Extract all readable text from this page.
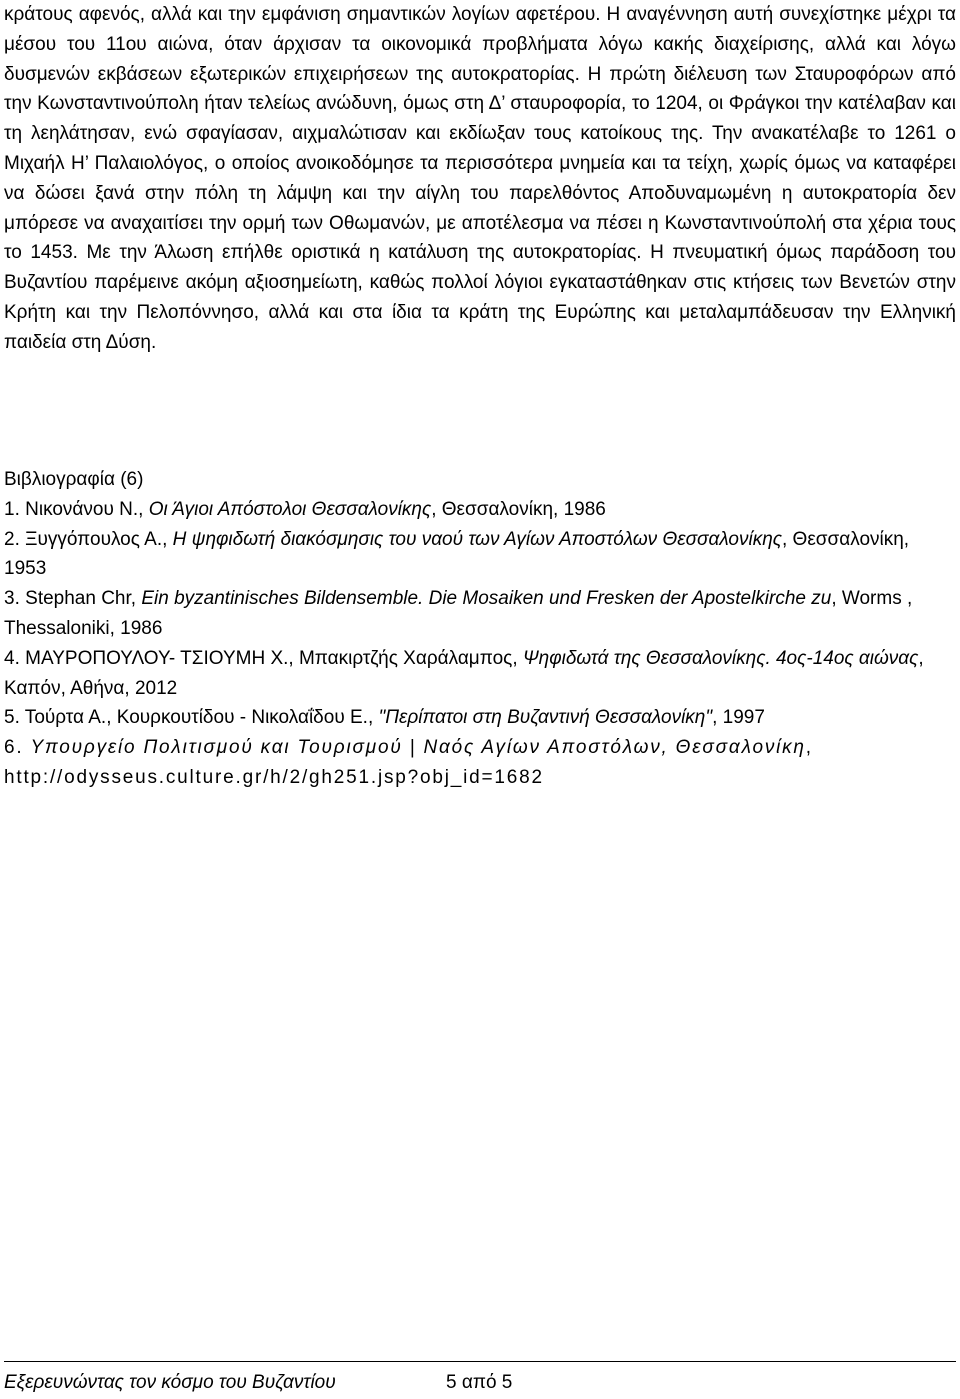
κράτους αφενός, αλλά και την εμφάνιση σημαντικών λογίων αφετέρου. Η αναγέννηση αυτή συνεχίστηκε μέχρι τα μέσου του 11ου αιώνα, όταν άρχισαν τα οικονομικά προβλήματα λόγω κακής διαχείρισης, αλλά και λόγω δυσμενών εκβάσεων εξωτερικών επιχειρήσεων της αυτοκρατορίας. Η πρώτη διέλευση των Σταυροφόρων από την Κωνσταντινούπολη ήταν τελείως ανώδυνη, όμως στη Δ’ σταυροφορία, το 1204, οι Φράγκοι την κατέλαβαν και τη λεηλάτησαν, ενώ σφαγίασαν, αιχμαλώτισαν και εκδίωξαν τους κατοίκους της. Την ανακατέλαβε το 1261 ο Μιχαήλ Η’ Παλαιολόγος, ο οποίος ανοικοδόμησε τα περισσότερα μνημεία και τα τείχη, χωρίς όμως να καταφέρει να δώσει ξανά στην πόλη τη λάμψη και την αίγλη του παρελθόντος Αποδυναμωμένη η αυτοκρατορία δεν μπόρεσε να αναχαιτίσει την ορμή των Οθωμανών, με αποτέλεσμα να πέσει η Κωνσταντινούπολή στα χέρια τους το 1453. Με την Άλωση επήλθε οριστικά η κατάλυση της αυτοκρατορίας. Η πνευματική όμως παράδοση του Βυζαντίου παρέμεινε ακόμη αξιοσημείωτη, καθώς πολλοί λόγιοι εγκαταστάθηκαν στις κτήσεις των Βενετών στην Κρήτη και την Πελοπόννησο, αλλά και στα ίδια τα κράτη της Ευρώπης και μεταλαμπάδευσαν την Ελληνική παιδεία στη Δύση.

Βιβλιογραφία (6)
1. Νικονάνου Ν., Οι Άγιοι Απόστολοι Θεσσαλονίκης, Θεσσαλονίκη, 1986
2. Ξυγγόπουλος Α., Η ψηφιδωτή διακόσμησις του ναού των Αγίων Αποστόλων Θεσσαλονίκης, Θεσσαλονίκη, 1953
3. Stephan Chr, Ein byzantinisches Bildensemble. Die Mosaiken und Fresken der Apostelkirche zu, Worms , Thessaloniki, 1986
4. ΜΑΥΡΟΠΟΥΛΟΥ- ΤΣΙΟΥΜΗ Χ., Μπακιρτζής Χαράλαμπος, Ψηφιδωτά της Θεσσαλονίκης. 4ος-14ος αιώνας, Καπόν, Αθήνα, 2012
5. Τούρτα Α., Κουρκουτίδου - Νικολαΐδου Ε., "Περίπατοι στη Βυζαντινή Θεσσαλονίκη", 1997
6. Υπουργείο Πολιτισμού και Τουρισμού | Ναός Αγίων Αποστόλων, Θεσσαλονίκη, http://odysseus.culture.gr/h/2/gh251.jsp?obj_id=1682
Εξερευνώντας τον κόσμο του Βυζαντίου	5 από 5
